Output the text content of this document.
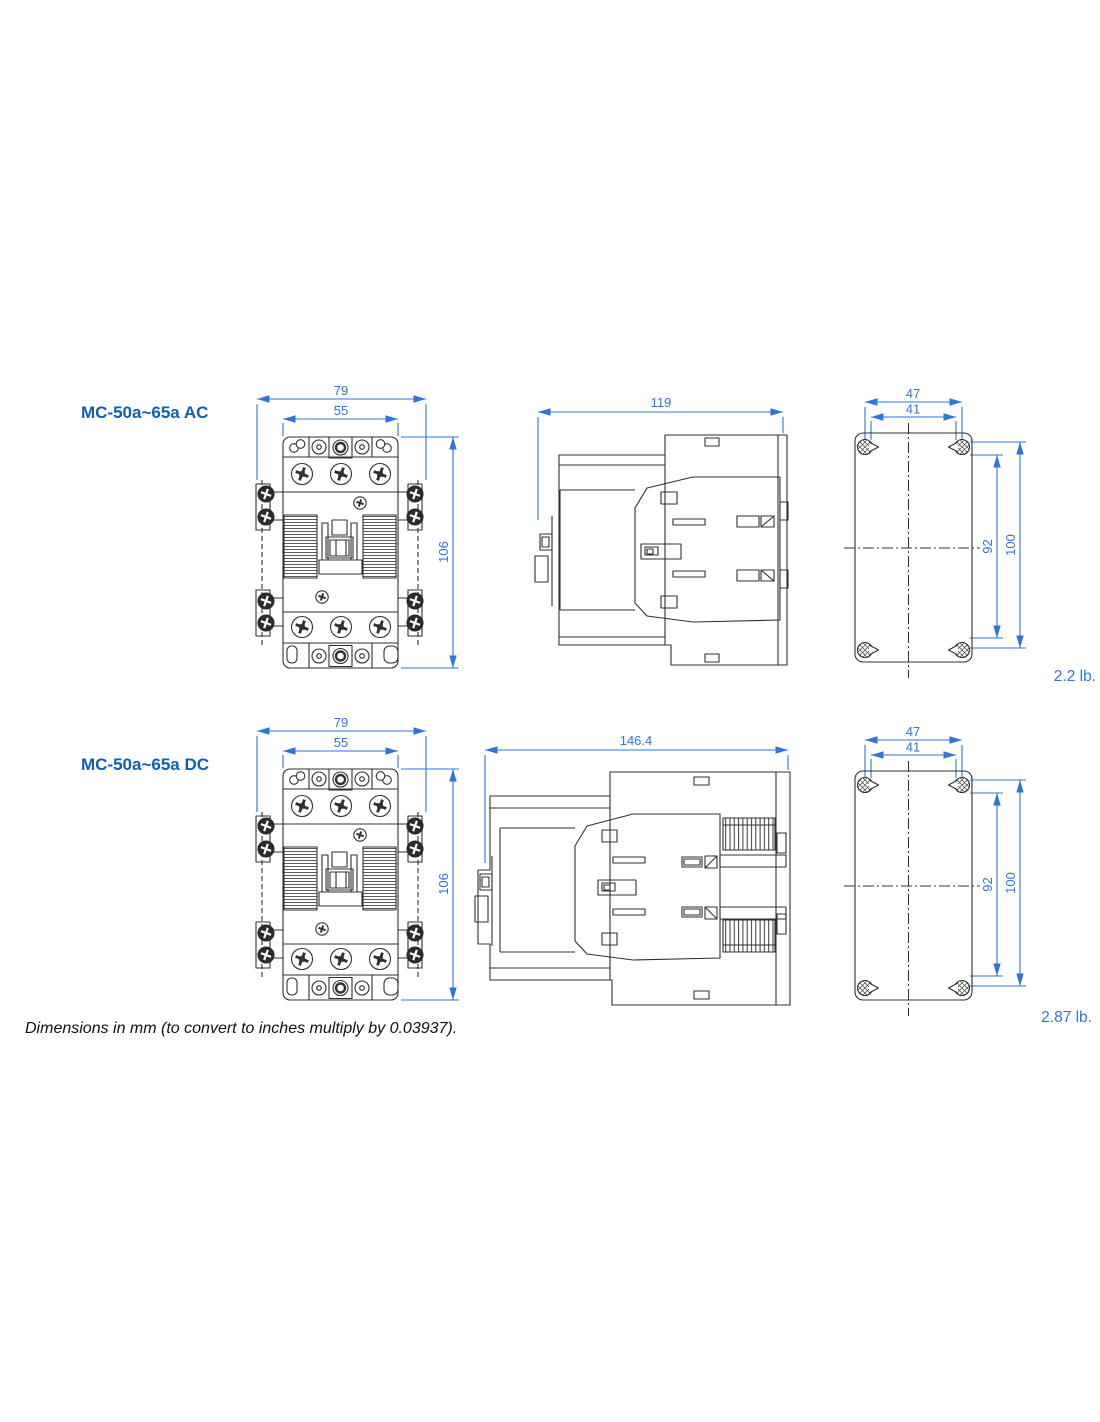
MC-50a~65a AC
79
55
106
119
47
41
92 100
2.2 lb.
MC-50a~65a DC
79
55
106
146.4
47
41
92 100
2.87 lb.
Dimensions in mm (to convert to inches multiply by 0.03937).
